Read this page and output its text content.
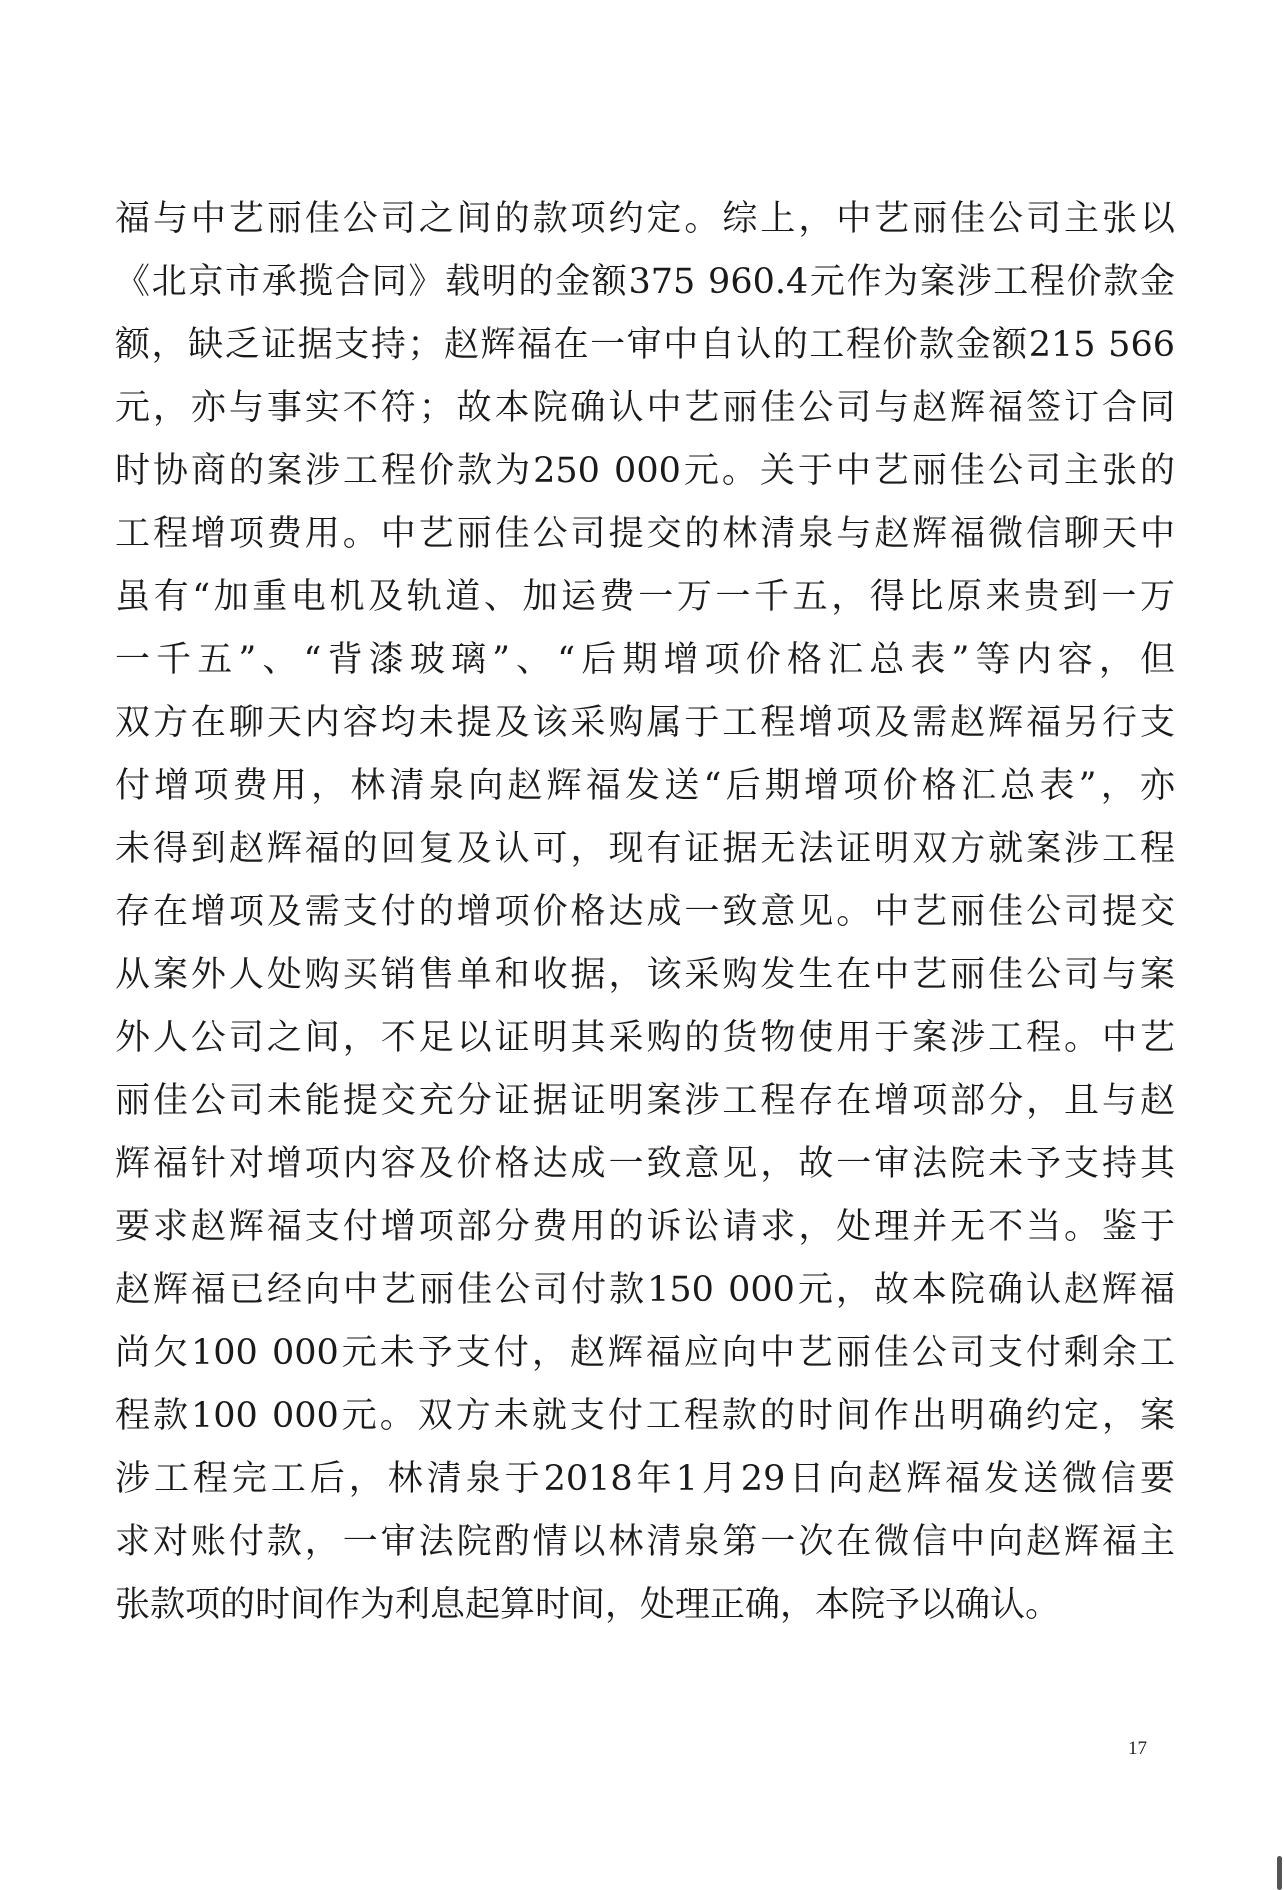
福与中艺丽佳公司之间的款项约定。综上，中艺丽佳公司主张以
《北京市承揽合同》载明的金额375 960.4元作为案涉工程价款金
额，缺乏证据支持；赵辉福在一审中自认的工程价款金额215 566
元，亦与事实不符；故本院确认中艺丽佳公司与赵辉福签订合同
时协商的案涉工程价款为250 000元。关于中艺丽佳公司主张的
工程增项费用。中艺丽佳公司提交的林清泉与赵辉福微信聊天中
虽有“加重电机及轨道、加运费一万一千五，得比原来贵到一万
一千五”、“背漆玻璃”、“后期增项价格汇总表”等内容，但
双方在聊天内容均未提及该采购属于工程增项及需赵辉福另行支
付增项费用，林清泉向赵辉福发送“后期增项价格汇总表”，亦
未得到赵辉福的回复及认可，现有证据无法证明双方就案涉工程
存在增项及需支付的增项价格达成一致意见。中艺丽佳公司提交
从案外人处购买销售单和收据，该采购发生在中艺丽佳公司与案
外人公司之间，不足以证明其采购的货物使用于案涉工程。中艺
丽佳公司未能提交充分证据证明案涉工程存在增项部分，且与赵
辉福针对增项内容及价格达成一致意见，故一审法院未予支持其
要求赵辉福支付增项部分费用的诉讼请求，处理并无不当。鉴于
赵辉福已经向中艺丽佳公司付款150 000元，故本院确认赵辉福
尚欠100 000元未予支付，赵辉福应向中艺丽佳公司支付剩余工
程款100 000元。双方未就支付工程款的时间作出明确约定，案
涉工程完工后，林清泉于2018年1月29日向赵辉福发送微信要
求对账付款，一审法院酌情以林清泉第一次在微信中向赵辉福主
张款项的时间作为利息起算时间，处理正确，本院予以确认。
17
